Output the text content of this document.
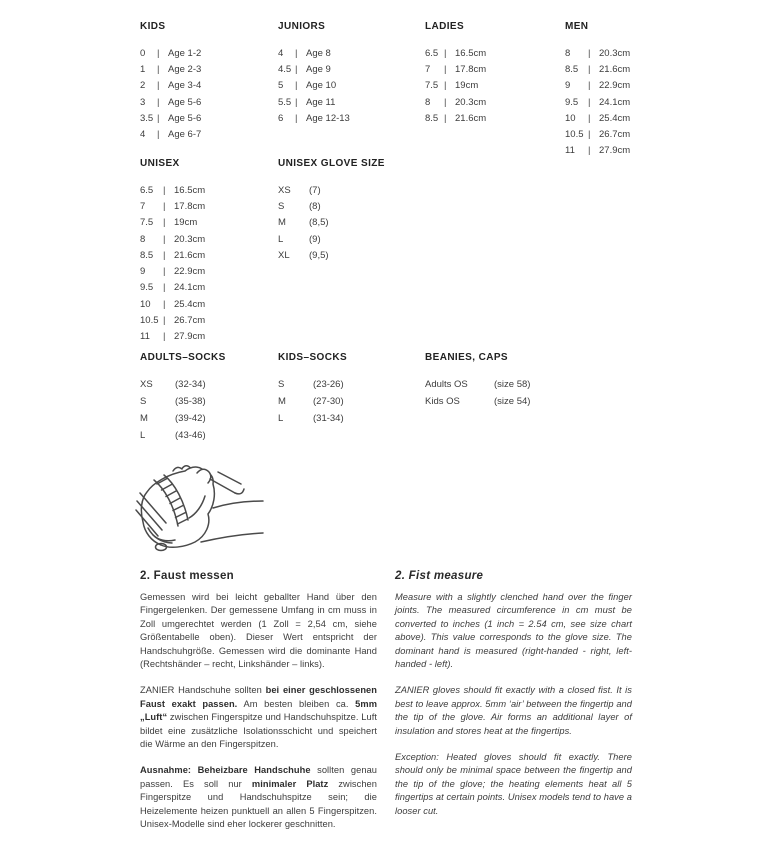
KIDS
0	| Age 1-2
1	| Age 2-3
2	| Age 3-4
3	| Age 5-6
3.5 | Age 5-6
4	| Age 6-7
JUNIORS
4	| Age 8
4.5 | Age 9
5	| Age 10
5.5 | Age 11
6	| Age 12-13
LADIES
6.5 | 16.5cm
7	| 17.8cm
7.5 | 19cm
8	| 20.3cm
8.5 | 21.6cm
MEN
8	| 20.3cm
8.5	| 21.6cm
9	| 22.9cm
9.5	| 24.1cm
10	| 25.4cm
10.5 | 26.7cm
11	| 27.9cm
UNISEX
6.5	| 16.5cm
7	| 17.8cm
7.5	| 19cm
8	| 20.3cm
8.5	| 21.6cm
9	| 22.9cm
9.5	| 24.1cm
10	| 25.4cm
10.5 | 26.7cm
11	| 27.9cm
UNISEX GLOVE SIZE
XS	(7)
S	(8)
M	(8,5)
L	(9)
XL	(9,5)
ADULTS–SOCKS
XS	(32-34)
S	(35-38)
M	(39-42)
L	(43-46)
KIDS–SOCKS
S	(23-26)
M	(27-30)
L	(31-34)
BEANIES, CAPS
Adults OS	(size 58)
Kids OS	(size 54)
2. Faust messen

Gemessen wird bei leicht geballter Hand über den Fingergelenken. Der gemessene Umfang in cm muss in Zoll umgerechtet werden (1 Zoll = 2,54 cm, siehe Größentabelle oben). Dieser Wert entspricht der Handschuhgröße. Gemessen wird die dominante Hand (Rechtshänder – recht, Linkshänder – links).

ZANIER Handschuhe sollten bei einer geschlossenen Faust exakt passen. Am besten bleiben ca. 5mm „Luft“ zwischen Fingerspitze und Handschuhspitze. Luft bildet eine zusätzliche Isolationsschicht und speichert die Wärme an den Fingerspitzen.

Ausnahme: Beheizbare Handschuhe sollten genau passen. Es soll nur minimaler Platz zwischen Fingerspitze und Handschuhspitze sein; die Heizelemente heizen punktuell an allen 5 Fingerspitzen. Unisex-Modelle sind eher lockerer geschnitten.

2. Fist measure

Measure with a slightly clenched hand over the finger joints. The measured circumference in cm must be converted to inches (1 inch = 2.54 cm, see size chart above). This value corresponds to the glove size. The dominant hand is measured (right-handed - right, left-handed - left).

ZANIER gloves should fit exactly with a closed fist. It is best to leave approx. 5mm ‘air’ between the fingertip and the tip of the glove. Air forms an additional layer of insulation and stores heat at the fingertips.

Exception: Heated gloves should fit exactly. There should only be minimal space between the fingertip and the tip of the glove; the heating elements heat all 5 fingertips at certain points. Unisex models tend to have a looser cut.
